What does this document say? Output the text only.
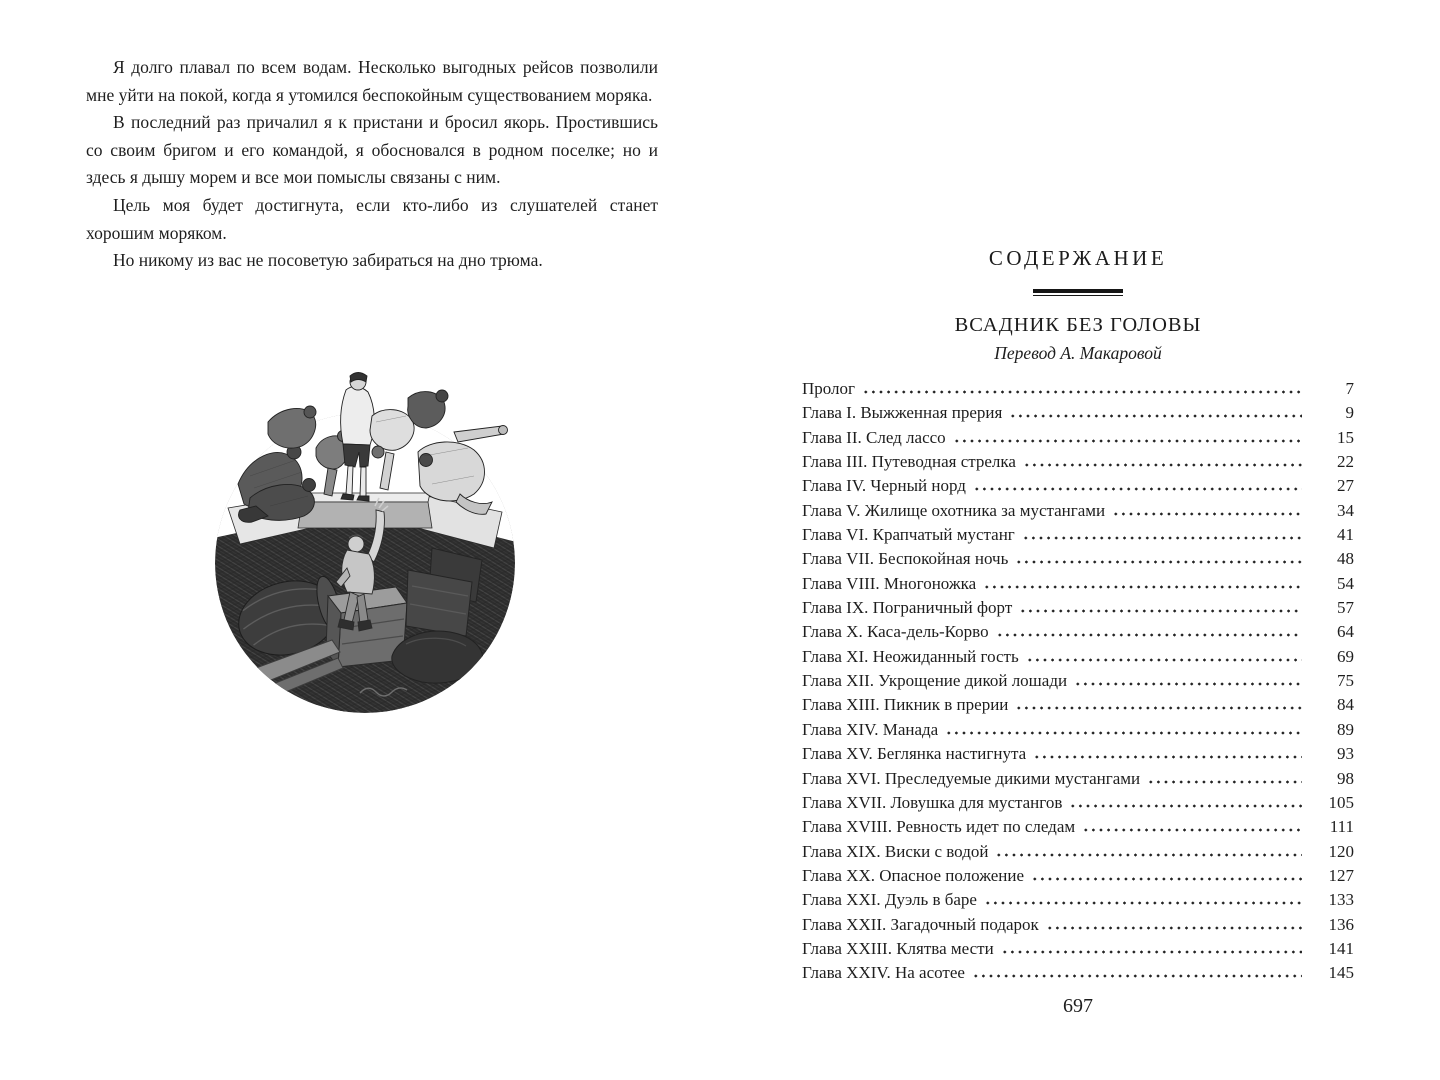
Я долго плавал по всем водам. Несколько выгодных рейсов позволили мне уйти на покой, когда я утомился беспокойным существованием моряка.

В последний раз причалил я к пристани и бросил якорь. Простившись со своим бригом и его командой, я обосновался в родном поселке; но и здесь я дышу морем и все мои помыслы связаны с ним.

Цель моя будет достигнута, если кто-либо из слушателей станет хорошим моряком.

Но никому из вас не посоветую забираться на дно трюма.	СОДЕРЖАНИЕ
ВСАДНИК БЕЗ ГОЛОВЫ
Перевод А. Макаровой
Пролог	7
Глава I. Выжженная прерия	9
Глава II. След лассо	15
Глава III. Путеводная стрелка	22
Глава IV. Черный норд	27
Глава V. Жилище охотника за мустангами	34
Глава VI. Крапчатый мустанг	41
Глава VII. Беспокойная ночь	48
Глава VIII. Многоножка	54
Глава IX. Пограничный форт	57
Глава X. Каса-дель-Корво	64
Глава XI. Неожиданный гость	69
Глава XII. Укрощение дикой лошади	75
Глава XIII. Пикник в прерии	84
Глава XIV. Манада	89
Глава XV. Беглянка настигнута	93
Глава XVI. Преследуемые дикими мустангами	98
Глава XVII. Ловушка для мустангов	105
Глава XVIII. Ревность идет по следам	111
Глава XIX. Виски с водой	120
Глава XX. Опасное положение	127
Глава XXI. Дуэль в баре	133
Глава XXII. Загадочный подарок	136
Глава XXIII. Клятва мести	141
Глава XXIV. На асотее	145
697
